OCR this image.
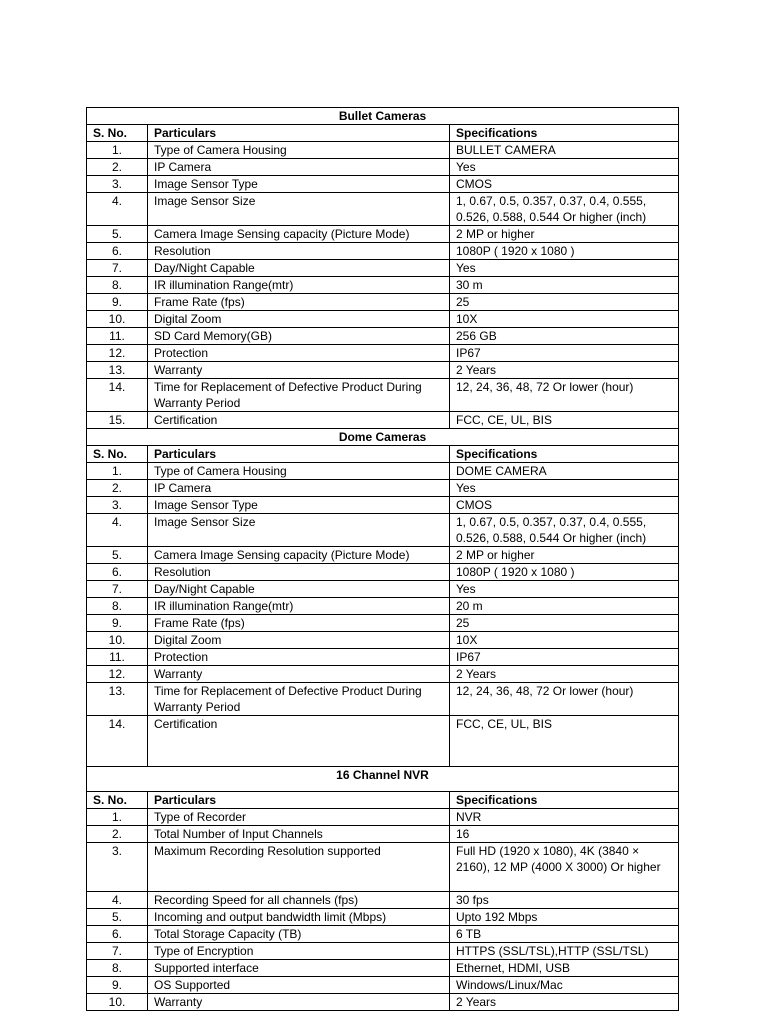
Bullet Cameras		
S. No.	Particulars	Specifications
1.	Type of Camera Housing	BULLET CAMERA
2.	IP Camera	Yes
3.	Image Sensor Type	CMOS
4.	Image Sensor Size	1, 0.67, 0.5, 0.357, 0.37, 0.4, 0.555, 0.526, 0.588, 0.544 Or higher (inch)
5.	Camera Image Sensing capacity (Picture Mode)	2 MP or higher
6.	Resolution	1080P ( 1920 x 1080 )
7.	Day/Night Capable	Yes
8.	IR illumination Range(mtr)	30 m
9.	Frame Rate (fps)	25
10.	Digital Zoom	10X
11.	SD Card Memory(GB)	256 GB
12.	Protection	IP67
13.	Warranty	2 Years
14.	Time for Replacement of Defective Product During Warranty Period	12, 24, 36, 48, 72 Or lower (hour)
15.	Certification	FCC, CE, UL, BIS
Dome Cameras		
S. No.	Particulars	Specifications
1.	Type of Camera Housing	DOME CAMERA
2.	IP Camera	Yes
3.	Image Sensor Type	CMOS
4.	Image Sensor Size	1, 0.67, 0.5, 0.357, 0.37, 0.4, 0.555, 0.526, 0.588, 0.544 Or higher (inch)
5.	Camera Image Sensing capacity (Picture Mode)	2 MP or higher
6.	Resolution	1080P ( 1920 x 1080 )
7.	Day/Night Capable	Yes
8.	IR illumination Range(mtr)	20 m
9.	Frame Rate (fps)	25
10.	Digital Zoom	10X
11.	Protection	IP67
12.	Warranty	2 Years
13.	Time for Replacement of Defective Product During Warranty Period	12, 24, 36, 48, 72 Or lower (hour)
14.	Certification	FCC, CE, UL, BIS
16 Channel NVR		
S. No.	Particulars	Specifications
1.	Type of Recorder	NVR
2.	Total Number of Input Channels	16
3.	Maximum Recording Resolution supported	Full HD (1920 x 1080), 4K (3840 × 2160), 12 MP (4000 X 3000) Or higher
4.	Recording Speed for all channels (fps)	30 fps
5.	Incoming and output bandwidth limit (Mbps)	Upto 192 Mbps
6.	Total Storage Capacity (TB)	6 TB
7.	Type of Encryption	HTTPS (SSL/TSL),HTTP (SSL/TSL)
8.	Supported interface	Ethernet, HDMI, USB
9.	OS Supported	Windows/Linux/Mac
10.	Warranty	2 Years
